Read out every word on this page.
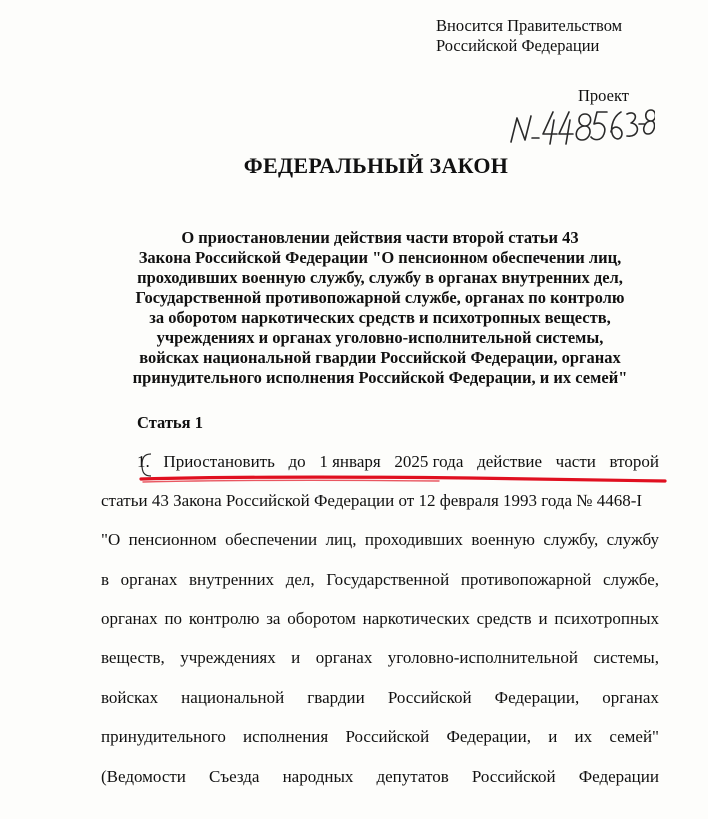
Вносится Правительством
Российской Федерации
Проект
ФЕДЕРАЛЬНЫЙ ЗАКОН
О приостановлении действия части второй статьи 43
Закона Российской Федерации "О пенсионном обеспечении лиц,
проходивших военную службу, службу в органах внутренних дел,
Государственной противопожарной службе, органах по контролю
за оборотом наркотических средств и психотропных веществ,
учреждениях и органах уголовно-исполнительной системы,
войсках национальной гвардии Российской Федерации, органах
принудительного исполнения Российской Федерации, и их семей"
Статья 1
1. Приостановить до 1 января 2025 года действие части второй
статьи 43 Закона Российской Федерации от 12 февраля 1993 года № 4468-I
"О пенсионном обеспечении лиц, проходивших военную службу, службу
в органах внутренних дел, Государственной противопожарной службе,
органах по контролю за оборотом наркотических средств и психотропных
веществ, учреждениях и органах уголовно-исполнительной системы,
войсках национальной гвардии Российской Федерации, органах
принудительного исполнения Российской Федерации, и их семей"
(Ведомости Съезда народных депутатов Российской Федерации
